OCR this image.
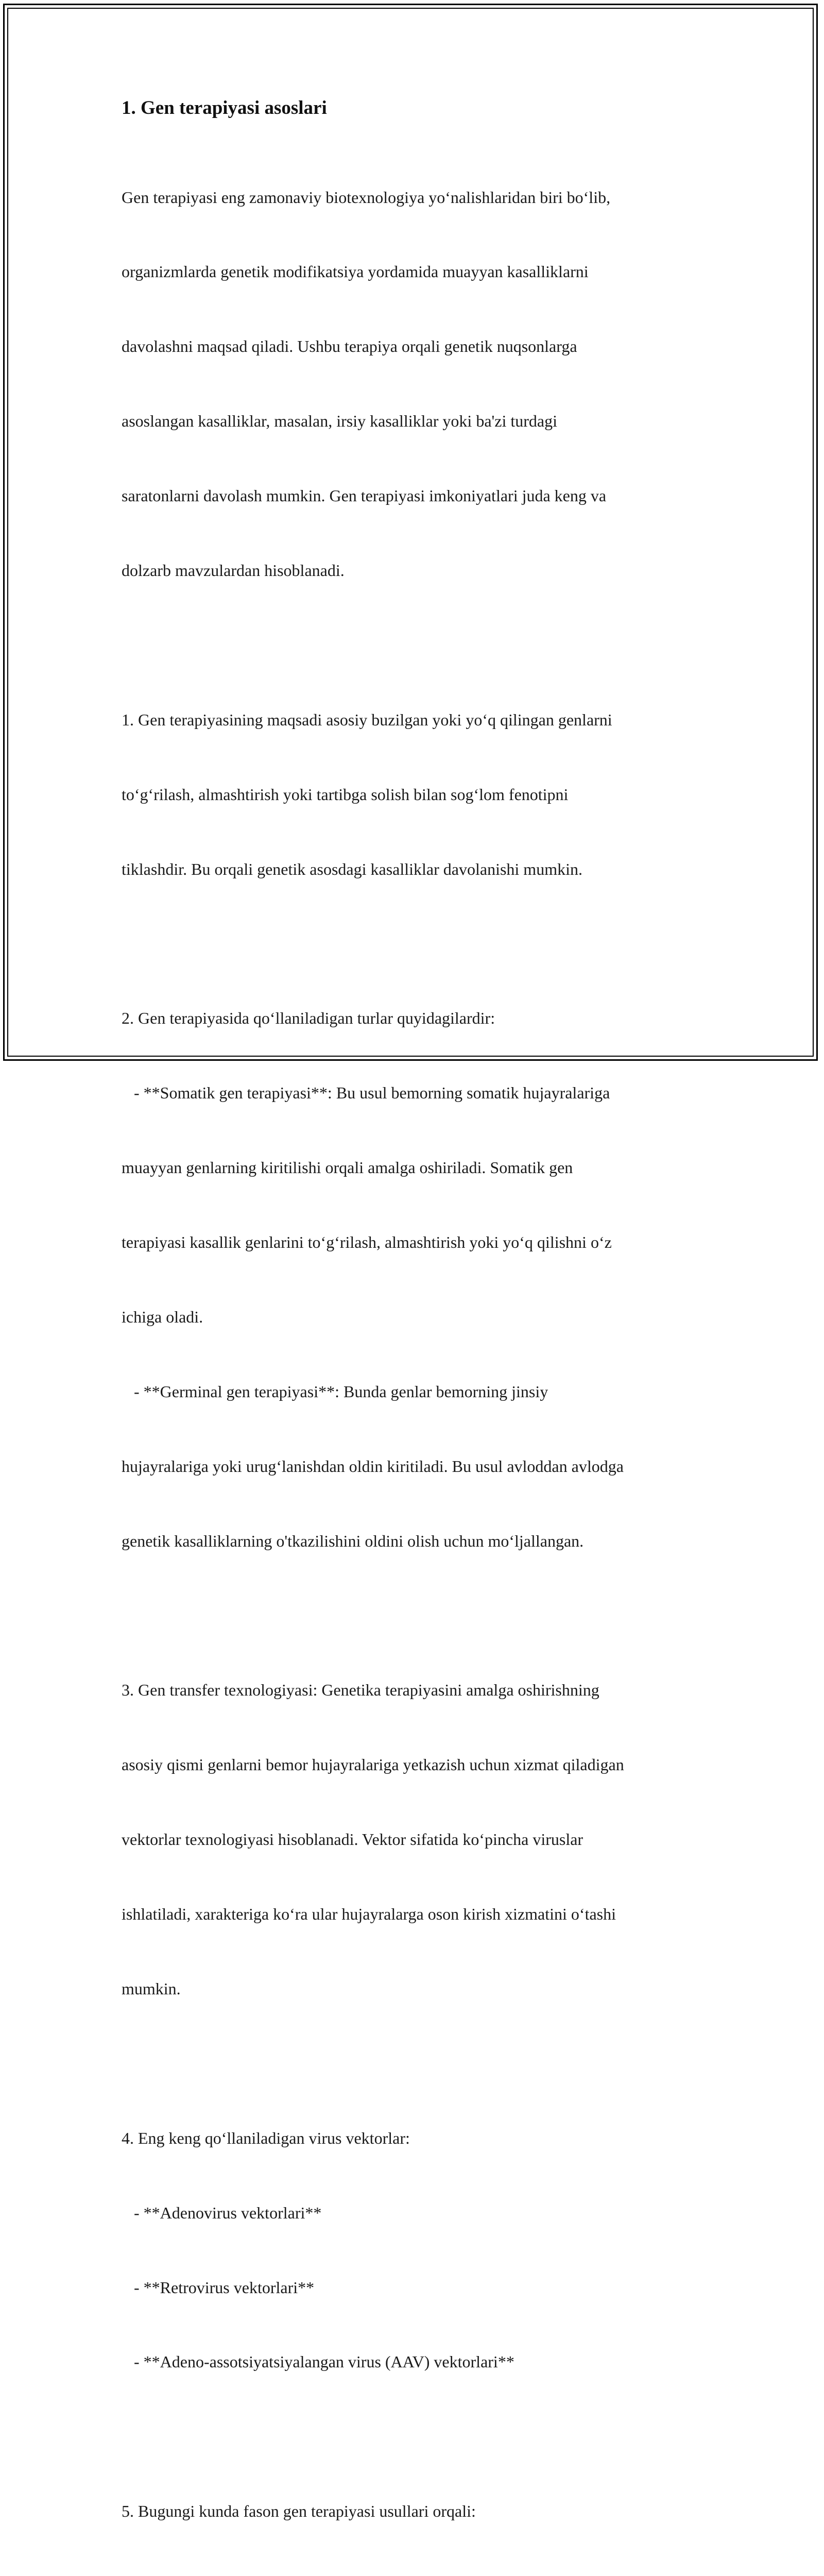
1. Gen terapiyasi asoslari

Gen terapiyasi eng zamonaviy biotexnologiya yo‘nalishlaridan biri bo‘lib,

organizmlarda genetik modifikatsiya yordamida muayyan kasalliklarni

davolashni maqsad qiladi. Ushbu terapiya orqali genetik nuqsonlarga

asoslangan kasalliklar, masalan, irsiy kasalliklar yoki ba'zi turdagi

saratonlarni davolash mumkin. Gen terapiyasi imkoniyatlari juda keng va

dolzarb mavzulardan hisoblanadi.

1. Gen terapiyasining maqsadi asosiy buzilgan yoki yo‘q qilingan genlarni

to‘g‘rilash, almashtirish yoki tartibga solish bilan sog‘lom fenotipni

tiklashdir. Bu orqali genetik asosdagi kasalliklar davolanishi mumkin.

2. Gen terapiyasida qo‘llaniladigan turlar quyidagilardir:

- **Somatik gen terapiyasi**: Bu usul bemorning somatik hujayralariga

muayyan genlarning kiritilishi orqali amalga oshiriladi. Somatik gen

terapiyasi kasallik genlarini to‘g‘rilash, almashtirish yoki yo‘q qilishni o‘z

ichiga oladi.

- **Germinal gen terapiyasi**: Bunda genlar bemorning jinsiy

hujayralariga yoki urug‘lanishdan oldin kiritiladi. Bu usul avloddan avlodga

genetik kasalliklarning o'tkazilishini oldini olish uchun mo‘ljallangan.

3. Gen transfer texnologiyasi: Genetika terapiyasini amalga oshirishning

asosiy qismi genlarni bemor hujayralariga yetkazish uchun xizmat qiladigan

vektorlar texnologiyasi hisoblanadi. Vektor sifatida ko‘pincha viruslar

ishlatiladi, xarakteriga ko‘ra ular hujayralarga oson kirish xizmatini o‘tashi

mumkin.

4. Eng keng qo‘llaniladigan virus vektorlar:

- **Adenovirus vektorlari**

- **Retrovirus vektorlari**

- **Adeno-assotsiyatsiyalangan virus (AAV) vektorlari**

5. Bugungi kunda fason gen terapiyasi usullari orqali:
